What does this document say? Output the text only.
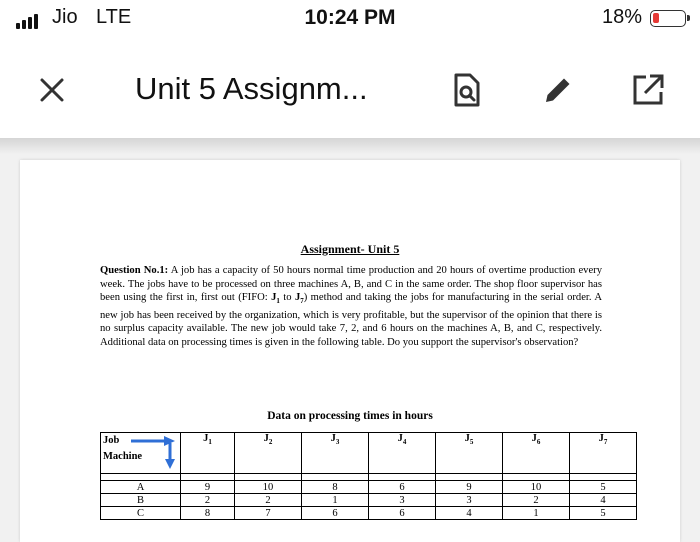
Jio LTE	10:24 PM	18%
Unit 5 Assignm...
Assignment- Unit 5
Question No.1: A job has a capacity of 50 hours normal time production and 20 hours of overtime production every week. The jobs have to be processed on three machines A, B, and C in the same order. The shop floor supervisor has been using the first in, first out (FIFO: $J_1$ to $J_7$) method and taking the jobs for manufacturing in the serial order. A new job has been received by the organization, which is very profitable, but the supervisor of the opinion that there is no surplus capacity available. The new job would take 7, 2, and 6 hours on the machines A, B, and C, respectively. Additional data on processing times is given in the following table. Do you support the supervisor's observation?
Data on processing times in hours
Job
Machine	$J_1$	$J_2$	$J_3$	$J_4$	$J_5$	$J_6$	$J_7$

A	9	10	8	6	9	10	5
B	2	2	1	3	3	2	4
C	8	7	6	6	4	1	5
